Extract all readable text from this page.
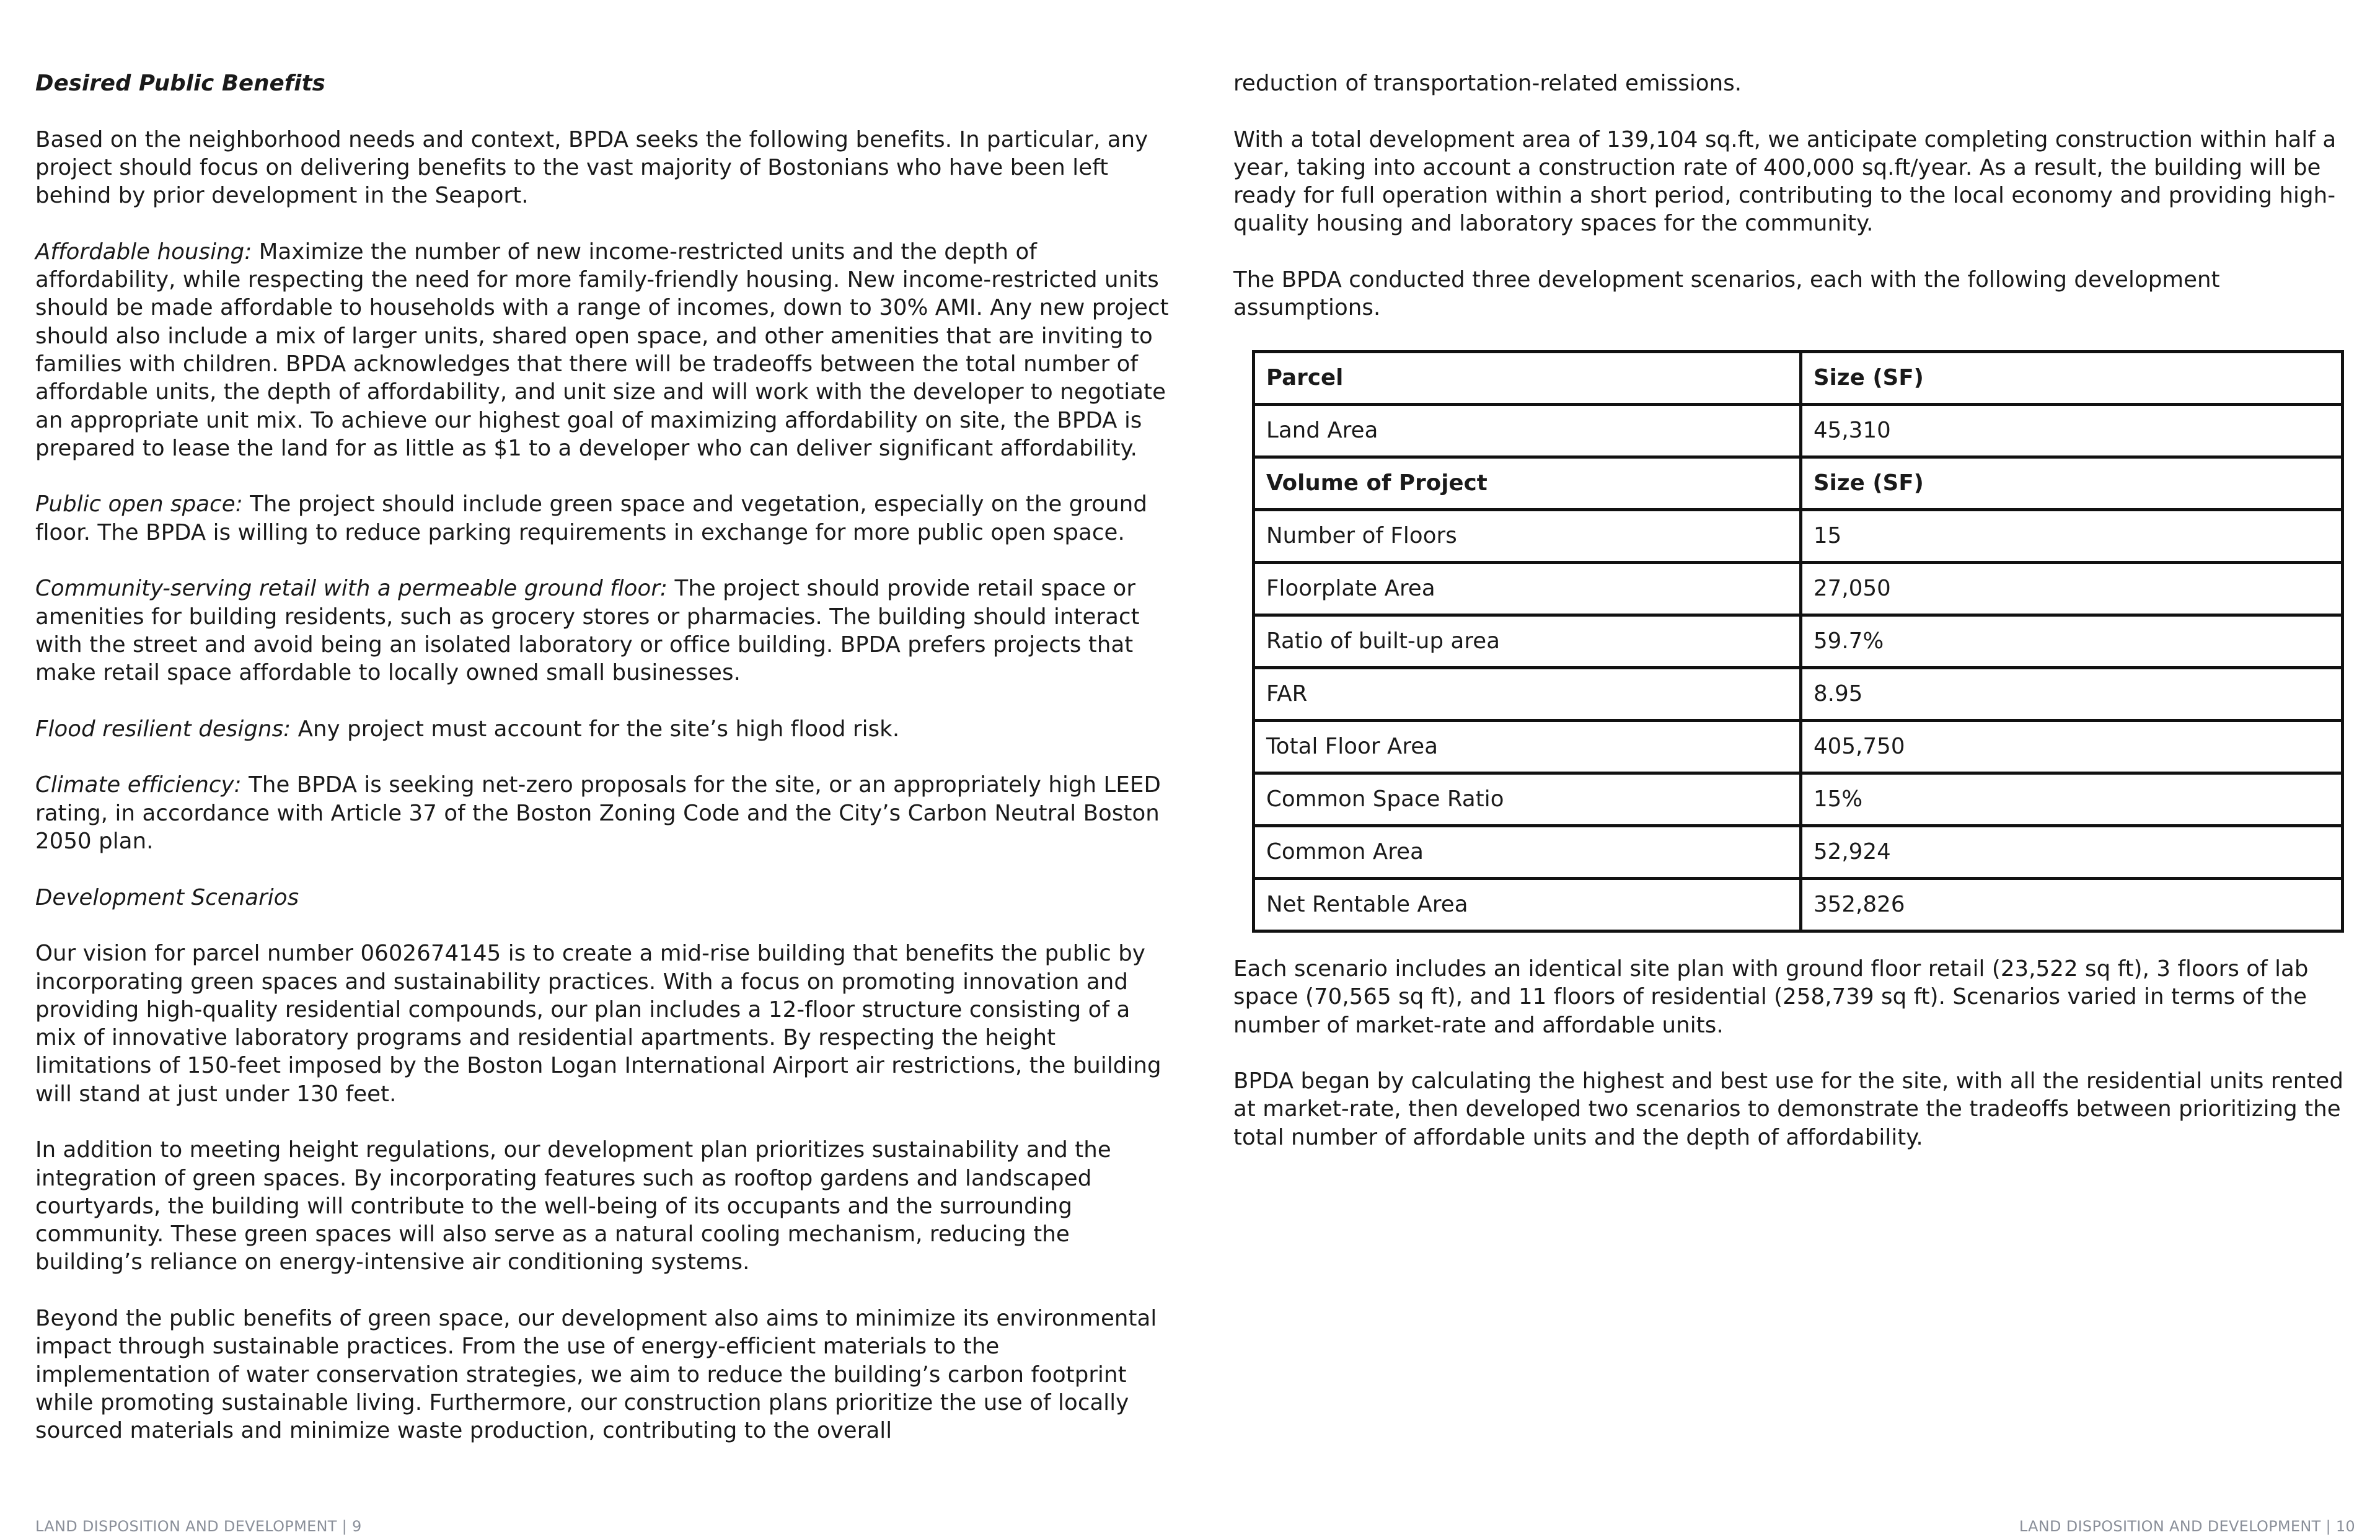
Desired Public Benefits

Based on the neighborhood needs and context, BPDA seeks the following benefits. In particular, any project should focus on delivering benefits to the vast majority of Bostonians who have been left behind by prior development in the Seaport.

Affordable housing: Maximize the number of new income-restricted units and the depth of affordability, while respecting the need for more family-friendly housing. New income-restricted units should be made affordable to households with a range of incomes, down to 30% AMI. Any new project should also include a mix of larger units, shared open space, and other amenities that are inviting to families with children. BPDA acknowledges that there will be tradeoffs between the total number of affordable units, the depth of affordability, and unit size and will work with the developer to negotiate an appropriate unit mix. To achieve our highest goal of maximizing affordability on site, the BPDA is prepared to lease the land for as little as $1 to a developer who can deliver significant affordability.

Public open space: The project should include green space and vegetation, especially on the ground floor. The BPDA is willing to reduce parking requirements in exchange for more public open space.

Community-serving retail with a permeable ground floor: The project should provide retail space or amenities for building residents, such as grocery stores or pharmacies. The building should interact with the street and avoid being an isolated laboratory or office building. BPDA prefers projects that make retail space affordable to locally owned small businesses.

Flood resilient designs: Any project must account for the site’s high flood risk.

Climate efficiency: The BPDA is seeking net-zero proposals for the site, or an appropriately high LEED rating, in accordance with Article 37 of the Boston Zoning Code and the City’s Carbon Neutral Boston 2050 plan.

Development Scenarios

Our vision for parcel number 0602674145 is to create a mid-rise building that benefits the public by incorporating green spaces and sustainability practices. With a focus on promoting innovation and providing high-quality residential compounds, our plan includes a 12-floor structure consisting of a mix of innovative laboratory programs and residential apartments. By respecting the height limitations of 150-feet imposed by the Boston Logan International Airport air restrictions, the building will stand at just under 130 feet.

In addition to meeting height regulations, our development plan prioritizes sustainability and the integration of green spaces. By incorporating features such as rooftop gardens and landscaped courtyards, the building will contribute to the well-being of its occupants and the surrounding community. These green spaces will also serve as a natural cooling mechanism, reducing the building’s reliance on energy-intensive air conditioning systems.

Beyond the public benefits of green space, our development also aims to minimize its environmental impact through sustainable practices. From the use of energy-efficient materials to the implementation of water conservation strategies, we aim to reduce the building’s carbon footprint while promoting sustainable living. Furthermore, our construction plans prioritize the use of locally sourced materials and minimize waste production, contributing to the overall

reduction of transportation-related emissions.

With a total development area of 139,104 sq.ft, we anticipate completing construction within half a year, taking into account a construction rate of 400,000 sq.ft/year. As a result, the building will be ready for full operation within a short period, contributing to the local economy and providing high-quality housing and laboratory spaces for the community.

The BPDA conducted three development scenarios, each with the following development assumptions.

Parcel	Size (SF)
Land Area	45,310
Volume of Project	Size (SF)
Number of Floors	15
Floorplate Area	27,050
Ratio of built-up area	59.7%
FAR	8.95
Total Floor Area	405,750
Common Space Ratio	15%
Common Area	52,924
Net Rentable Area	352,826

Each scenario includes an identical site plan with ground floor retail (23,522 sq ft), 3 floors of lab space (70,565 sq ft), and 11 floors of residential (258,739 sq ft). Scenarios varied in terms of the number of market-rate and affordable units.

BPDA began by calculating the highest and best use for the site, with all the residential units rented at market-rate, then developed two scenarios to demonstrate the tradeoffs between prioritizing the total number of affordable units and the depth of affordability.

LAND DISPOSITION AND DEVELOPMENT | 9	LAND DISPOSITION AND DEVELOPMENT | 10
